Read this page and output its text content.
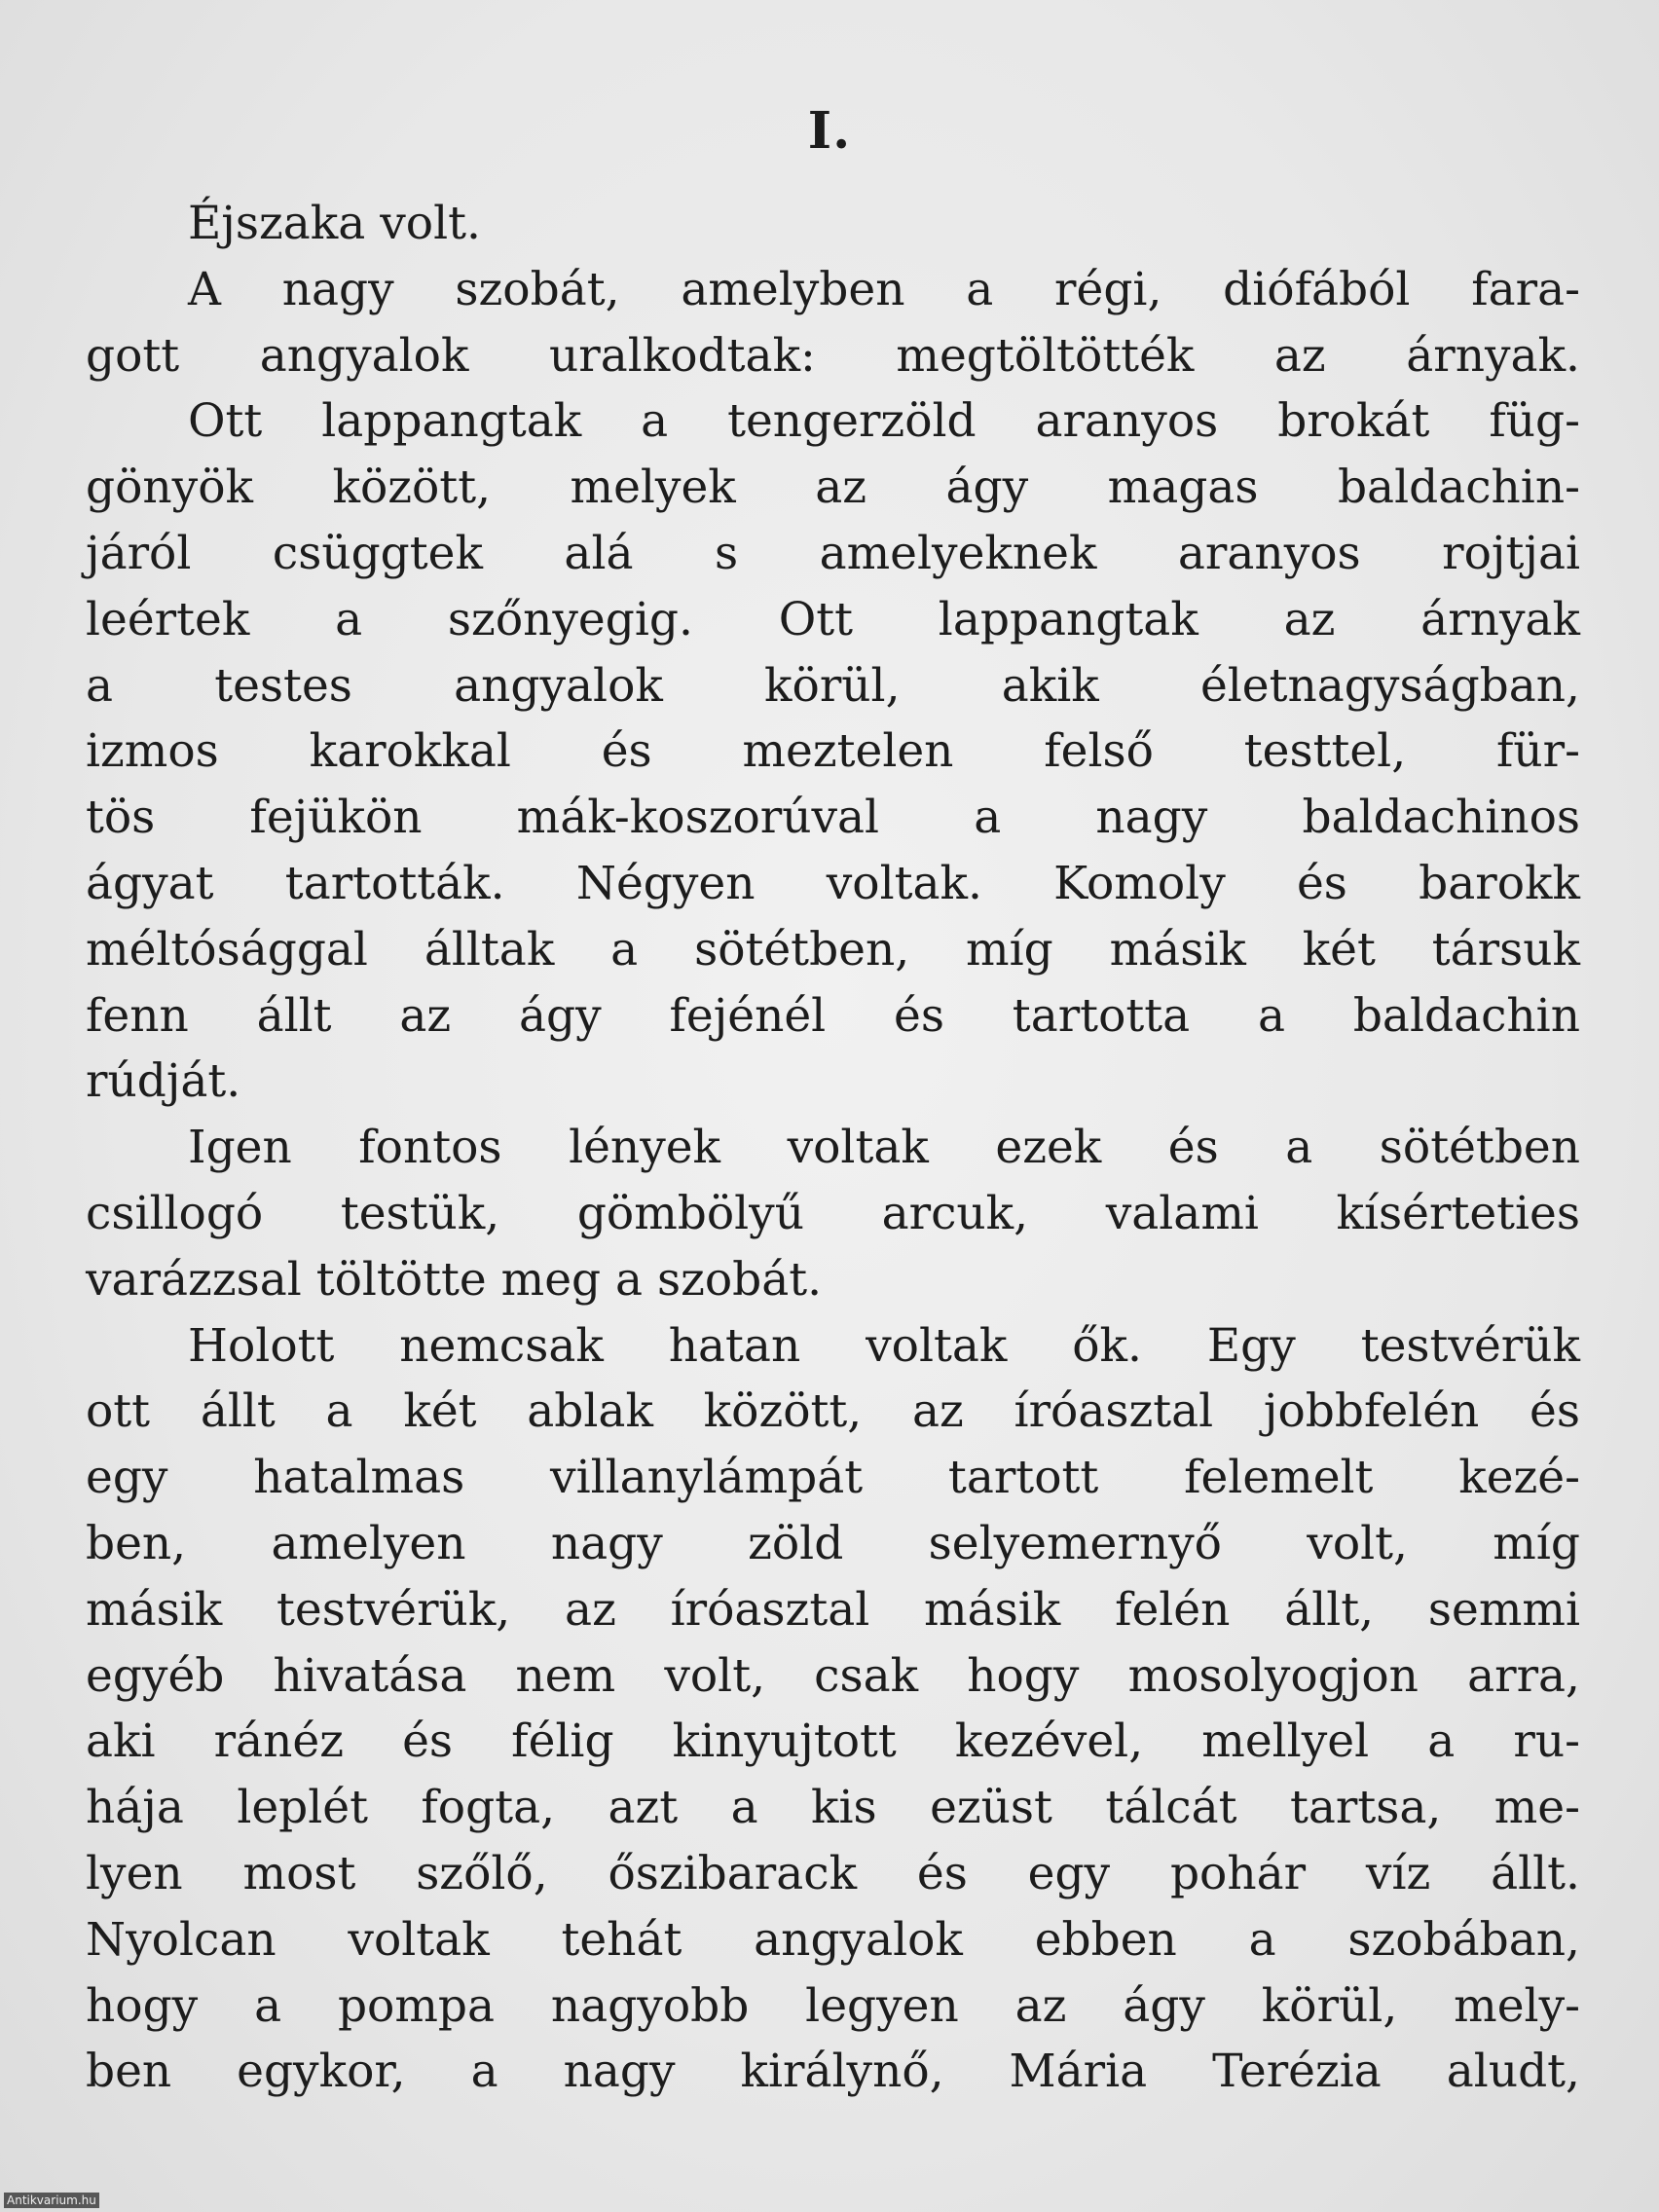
I.
Éjszaka volt.
A nagy szobát, amelyben a régi, diófából fara-
gott angyalok uralkodtak: megtöltötték az árnyak.
Ott lappangtak a tengerzöld aranyos brokát füg-
gönyök között, melyek az ágy magas baldachin-
járól csüggtek alá s amelyeknek aranyos rojtjai
leértek a szőnyegig. Ott lappangtak az árnyak
a testes angyalok körül, akik életnagyságban,
izmos karokkal és meztelen felső testtel, für-
tös fejükön mák-koszorúval a nagy baldachinos
ágyat tartották. Négyen voltak. Komoly és barokk
méltósággal álltak a sötétben, míg másik két társuk
fenn állt az ágy fejénél és tartotta a baldachin
rúdját.
Igen fontos lények voltak ezek és a sötétben
csillogó testük, gömbölyű arcuk, valami kísérteties
varázzsal töltötte meg a szobát.
Holott nemcsak hatan voltak ők. Egy testvérük
ott állt a két ablak között, az íróasztal jobbfelén és
egy hatalmas villanylámpát tartott felemelt kezé-
ben, amelyen nagy zöld selyemernyő volt, míg
másik testvérük, az íróasztal másik felén állt, semmi
egyéb hivatása nem volt, csak hogy mosolyogjon arra,
aki ránéz és félig kinyujtott kezével, mellyel a ru-
hája leplét fogta, azt a kis ezüst tálcát tartsa, me-
lyen most szőlő, őszibarack és egy pohár víz állt.
Nyolcan voltak tehát angyalok ebben a szobában,
hogy a pompa nagyobb legyen az ágy körül, mely-
ben egykor, a nagy királynő, Mária Terézia aludt,
Antikvarium.hu
